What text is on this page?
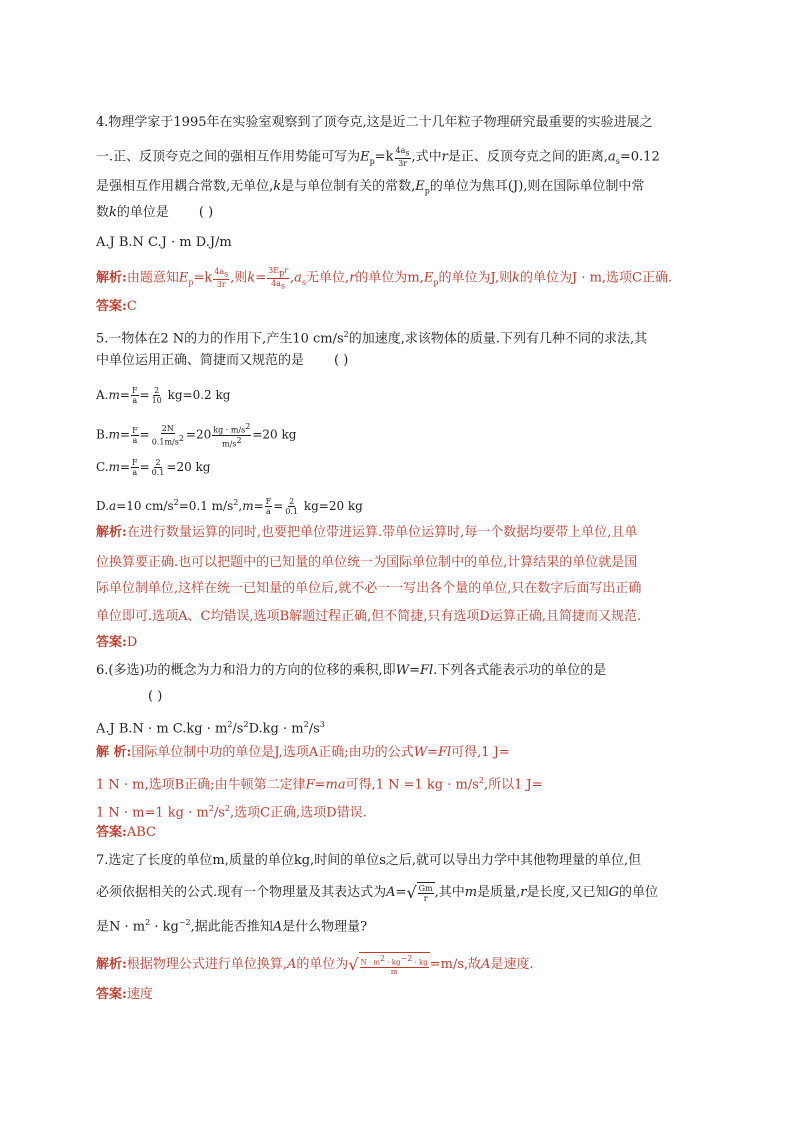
4.物理学家于1995年在实验室观察到了顶夸克,这是近二十几年粒子物理研究最重要的实验进展之
一.正、反顶夸克之间的强相互作用势能可写为$E_p=k \frac{4a_s}{3r}$ ,式中r是正、反顶夸克之间的距离$,a_s=0.12$
是强相互作用耦合常数,无单位,k是与单位制有关的常数$,E_p$的单位为焦耳(J),则在国际单位制中常
数k的单位是 ( )
A.J B.N C.J · m D.J/m
解析:由题意知$E_p=k \frac{4a_s}{3r}$ ,则$k= \frac{3E_pr}{4a_s} ,a_s$无单位,r的单位为$m,E_p$的单位为J,则k的单位为J · m,选项C正确.
答案:C
5.一物体在2 N的力的作用下,产生10 $cm/s^2$的加速度,求该物体的质量.下列有几种不同的求法,其
中单位运用正确、简捷而又规范的是 ( )
$A.m= \frac{F}{a} = \frac{2}{10} kg=0.2$ kg
$B.m= \frac{F}{a} = \frac{2N}{0.1m/s^2} =20 \frac{kg \cdot m/s^2}{m/s^2} =20$ kg
$C.m= \frac{F}{a} = \frac{2}{0.1} =20$ kg
D.a=10 $cm/s^2=0.1$ $m/s^2,m= \frac{F}{a} = \frac{2}{0.1} kg=20$ kg
解析:在进行数量运算的同时,也要把单位带进运算.带单位运算时,每一个数据均要带上单位,且单
位换算要正确.也可以把题中的已知量的单位统一为国际单位制中的单位,计算结果的单位就是国
际单位制单位,这样在统一已知量的单位后,就不必一一写出各个量的单位,只在数字后面写出正确
单位即可.选项A、C均错误,选项B解题过程正确,但不简捷,只有选项D运算正确,且简捷而又规范.
答案:D
6.(多选)功的概念为力和沿力的方向的位移的乘积,即W=Fl.下列各式能表示功的单位的是
( )
A.J B.N · m $C.kg \cdot m^2/s^2D.kg \cdot m^2/s^3$
解 析:国际单位制中功的单位是J,选项A正确;由功的公式W=Fl可得,1 J=
1 N · m,选项B正确;由牛顿第二定律F=ma可得,1 N =1 kg · $m/s^2$,所以1 J=
1 N · m=1 kg · $m^2/s^2$,选项C正确,选项D错误.
答案:ABC
7.选定了长度的单位m,质量的单位kg,时间的单位s之后,就可以导出力学中其他物理量的单位,但
必须依据相关的公式.现有一个物理量及其表达式为A= √ $\frac{Gm}{r}$ ,其中m是质量,r是长度,又已知G的单位
是$N \cdot m^2 \cdot kg^{-2}$,据此能否推知A是什么物理量?
解析:根据物理公式进行单位换算,A的单位为 √ $\frac{N \cdot m^2 \cdot kg^{-2} \cdot kg}{m} =m/s$,故A是速度.
答案:速度
